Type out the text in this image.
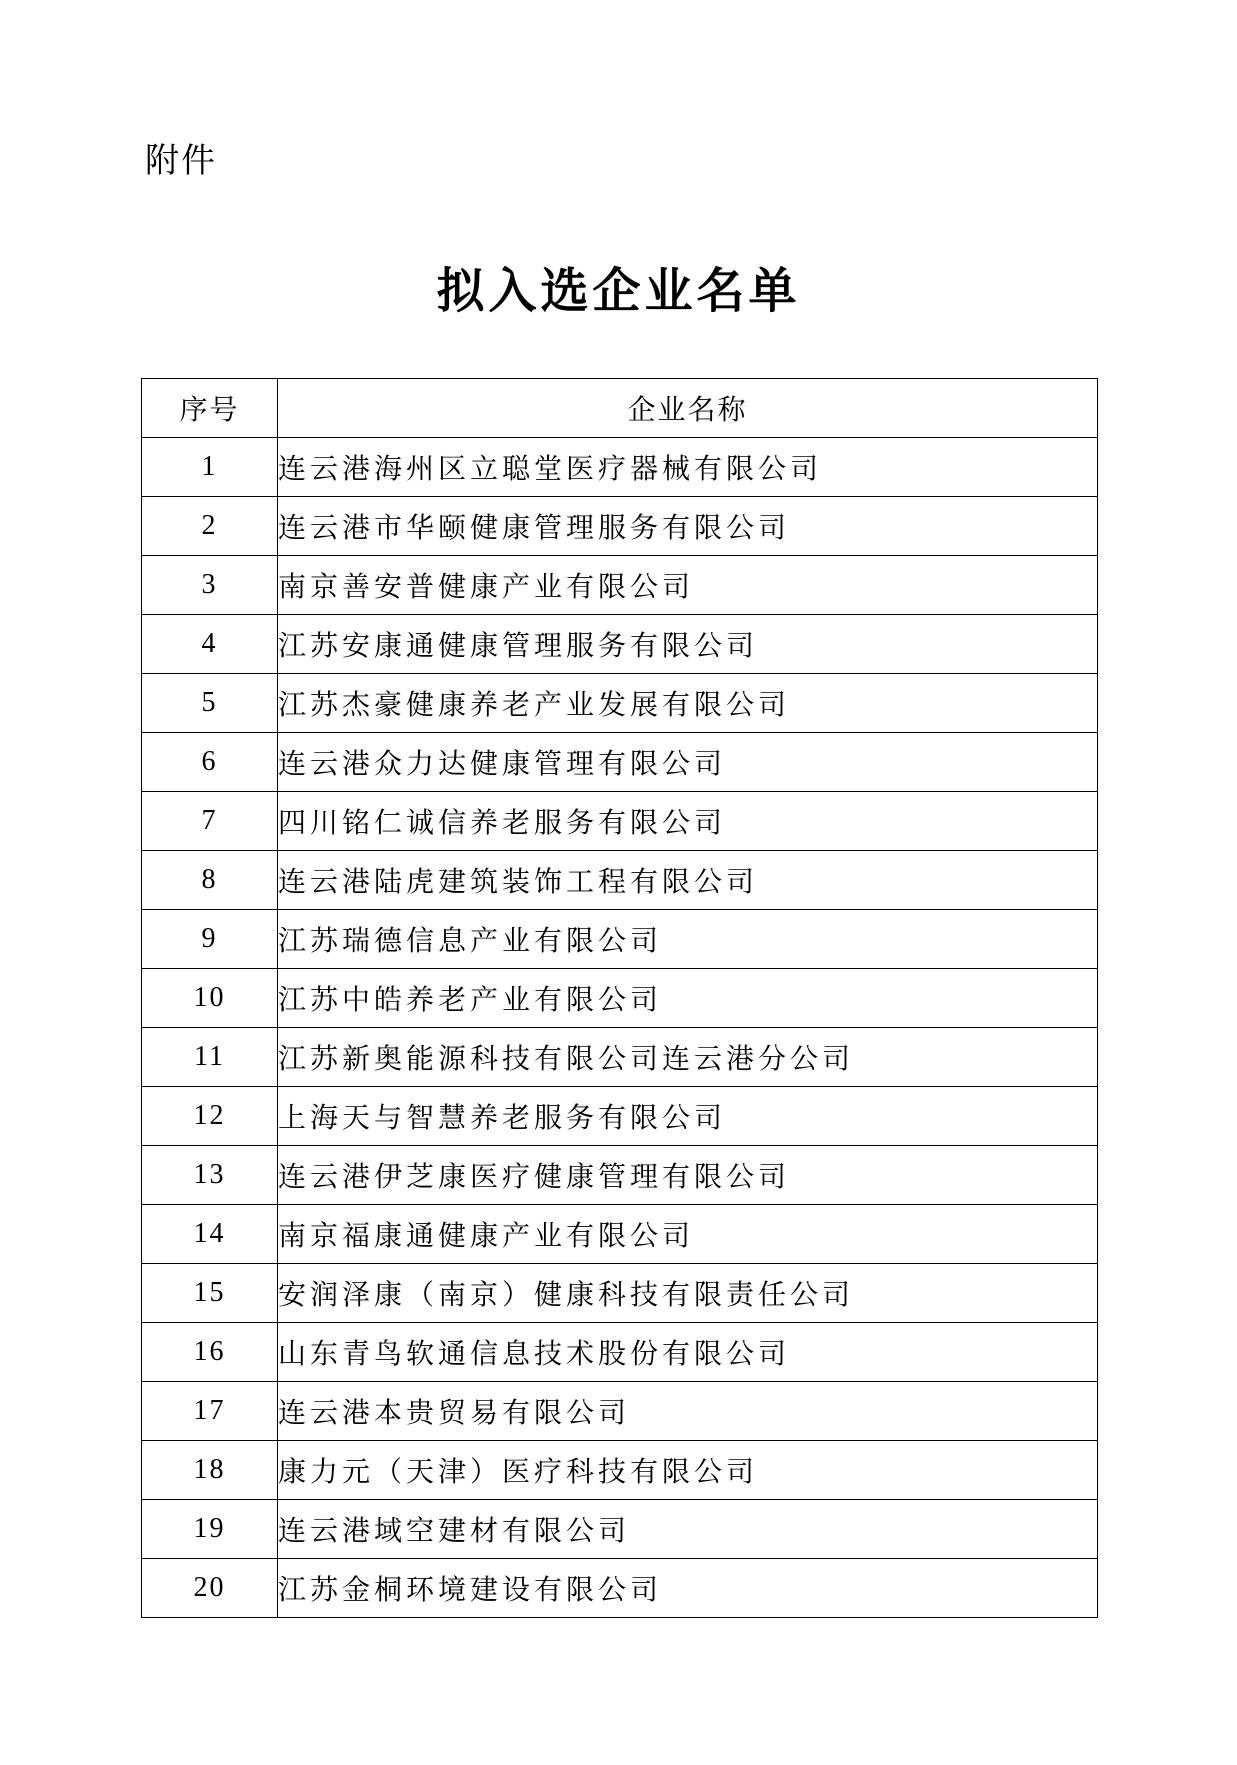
附件
拟入选企业名单
序号	企业名称
1	连云港海州区立聪堂医疗器械有限公司
2	连云港市华颐健康管理服务有限公司
3	南京善安普健康产业有限公司
4	江苏安康通健康管理服务有限公司
5	江苏杰豪健康养老产业发展有限公司
6	连云港众力达健康管理有限公司
7	四川铭仁诚信养老服务有限公司
8	连云港陆虎建筑装饰工程有限公司
9	江苏瑞德信息产业有限公司
10	江苏中皓养老产业有限公司
11	江苏新奥能源科技有限公司连云港分公司
12	上海天与智慧养老服务有限公司
13	连云港伊芝康医疗健康管理有限公司
14	南京福康通健康产业有限公司
15	安润泽康（南京）健康科技有限责任公司
16	山东青鸟软通信息技术股份有限公司
17	连云港本贵贸易有限公司
18	康力元（天津）医疗科技有限公司
19	连云港域空建材有限公司
20	江苏金桐环境建设有限公司
